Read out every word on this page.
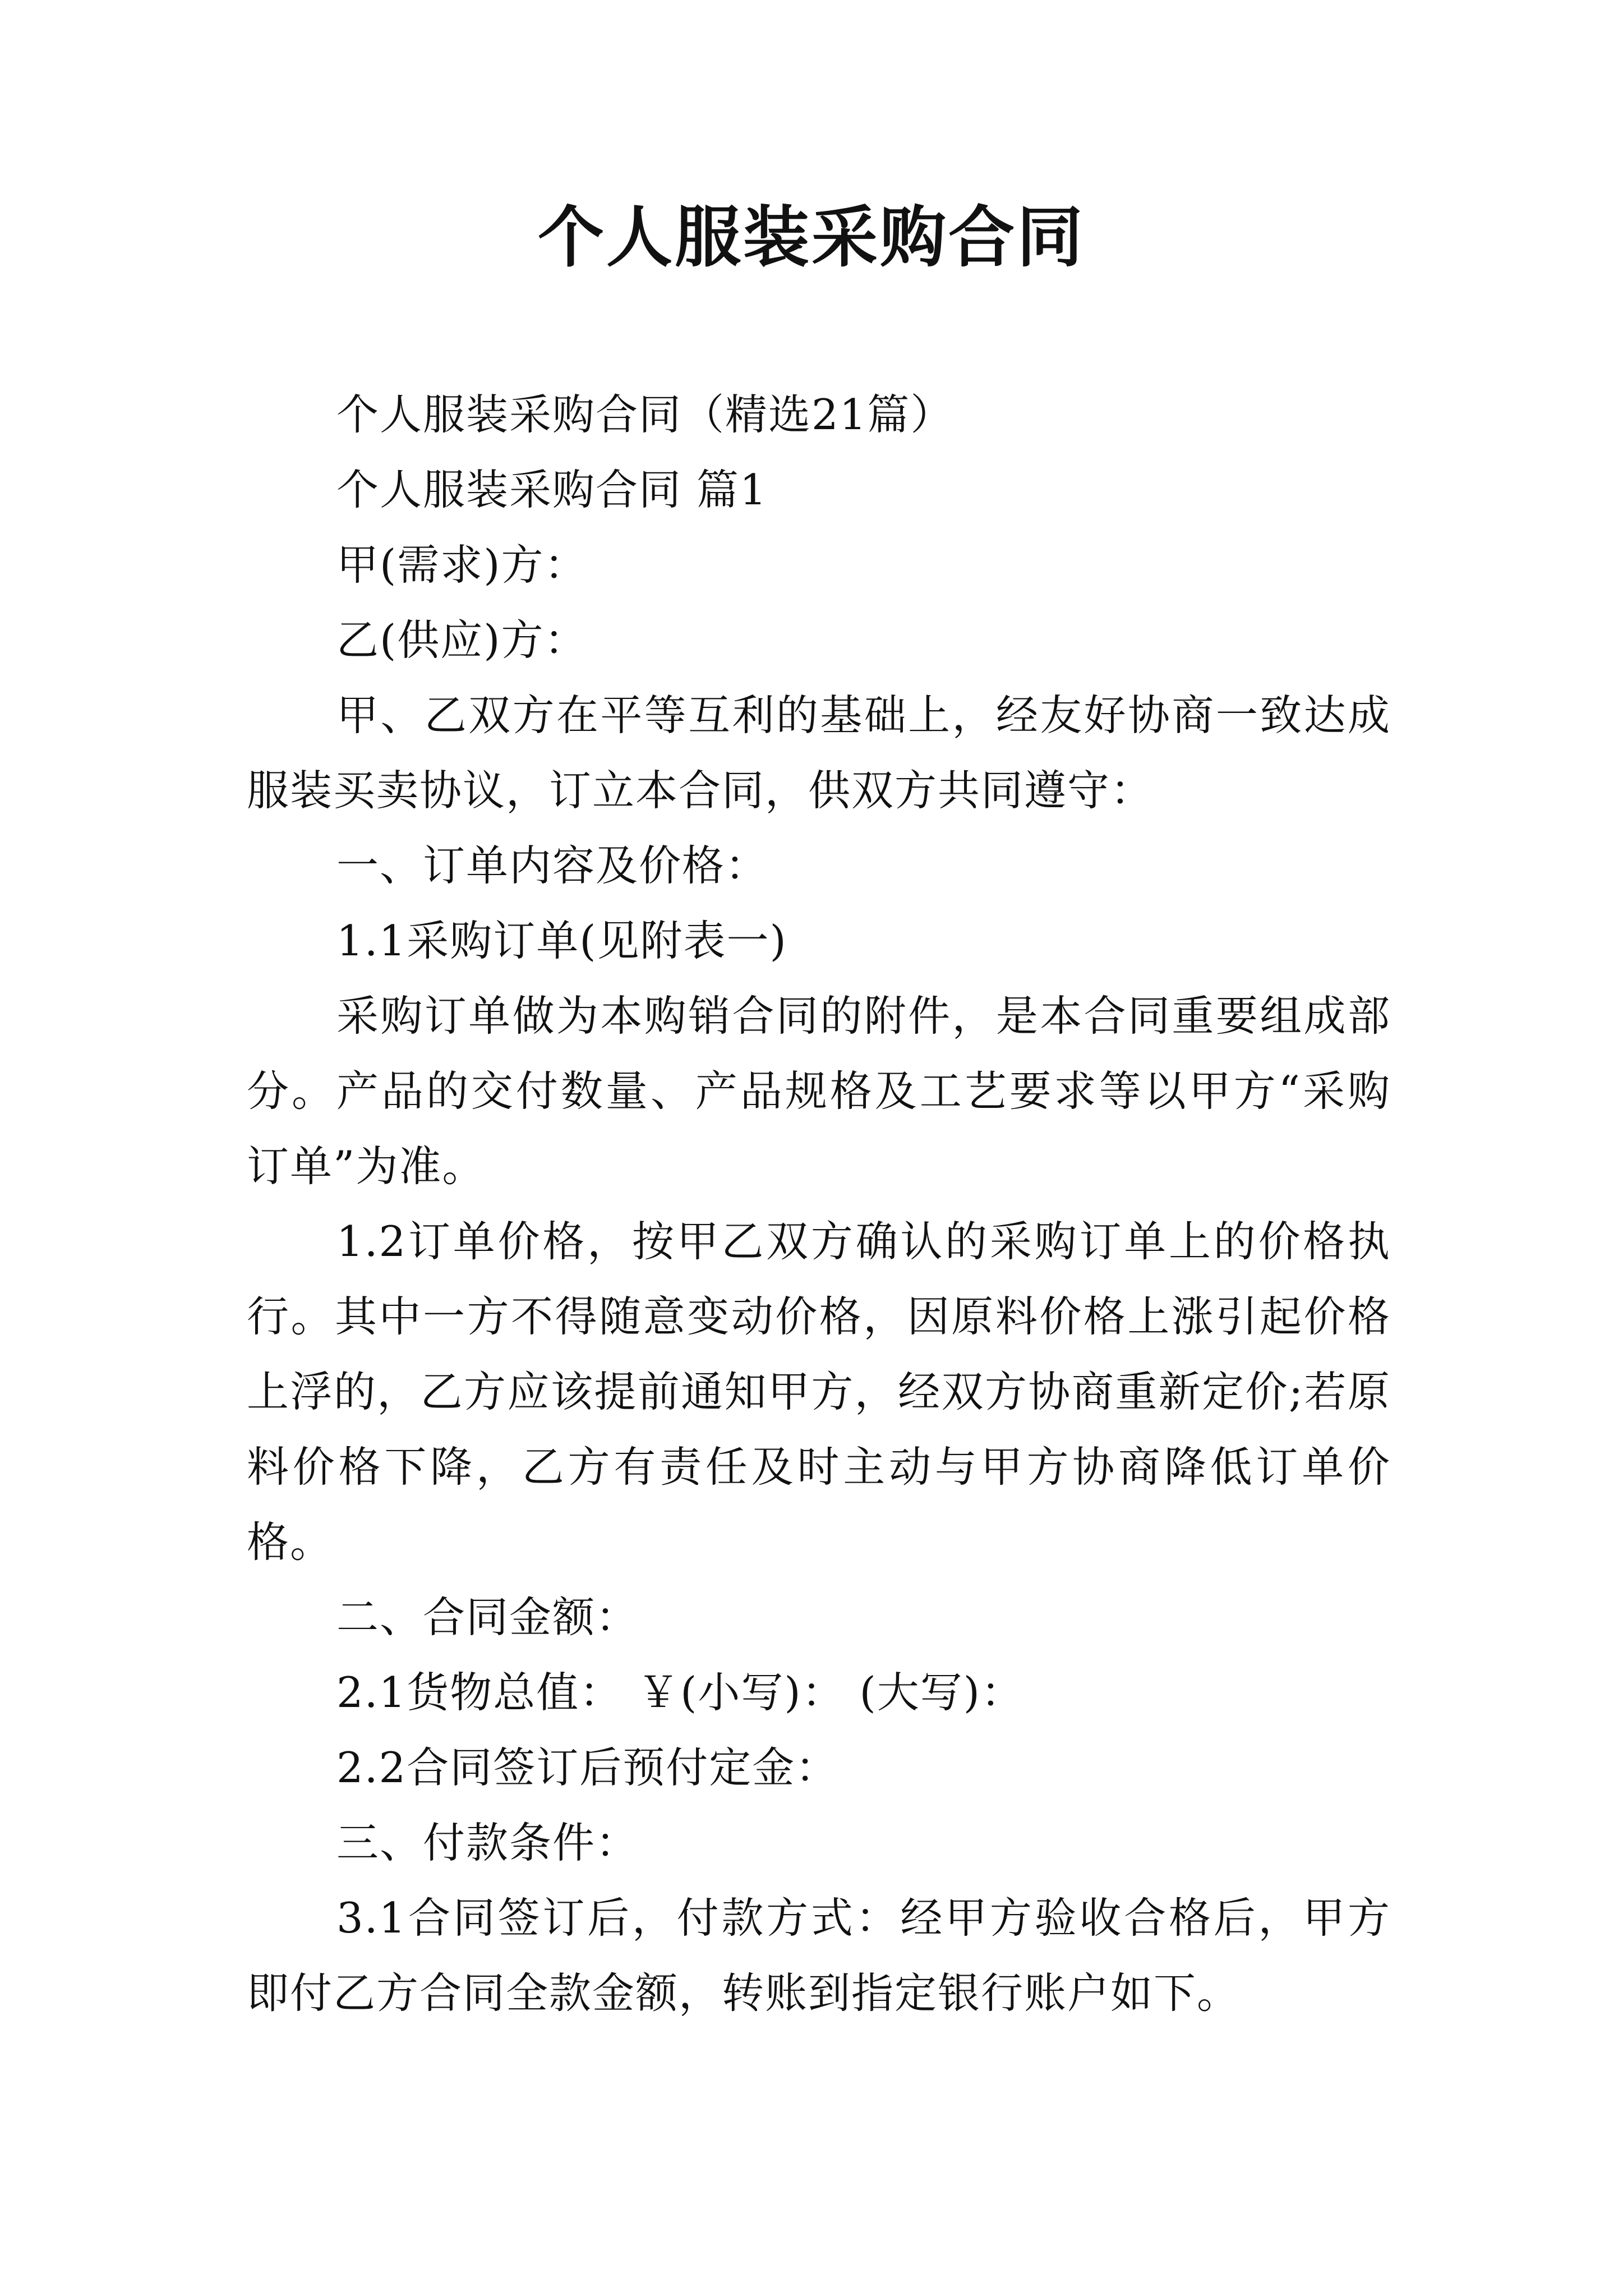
个人服装采购合同

个人服装采购合同（精选21篇）

个人服装采购合同 篇1

甲(需求)方：

乙(供应)方：

甲、乙双方在平等互利的基础上，经友好协商一致达成服装买卖协议，订立本合同，供双方共同遵守：

一、订单内容及价格：

1.1采购订单(见附表一)

采购订单做为本购销合同的附件，是本合同重要组成部分。产品的交付数量、产品规格及工艺要求等以甲方“采购订单”为准。

1.2订单价格，按甲乙双方确认的采购订单上的价格执行。其中一方不得随意变动价格，因原料价格上涨引起价格上浮的，乙方应该提前通知甲方，经双方协商重新定价;若原料价格下降，乙方有责任及时主动与甲方协商降低订单价格。

二、合同金额：

2.1货物总值： ￥(小写)： (大写)：

2.2合同签订后预付定金：

三、付款条件：

3.1合同签订后，付款方式：经甲方验收合格后，甲方即付乙方合同全款金额，转账到指定银行账户如下。
